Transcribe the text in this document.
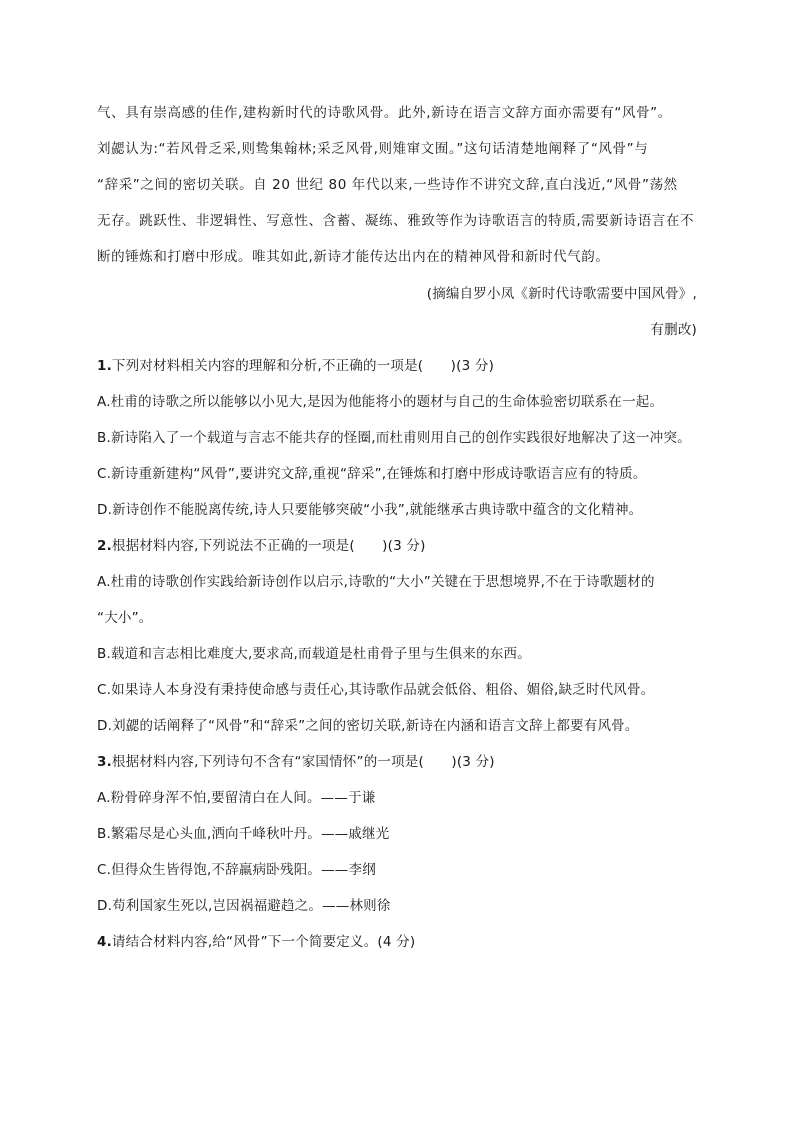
气、具有崇高感的佳作,建构新时代的诗歌风骨。此外,新诗在语言文辞方面亦需要有“风骨”。
刘勰认为:“若风骨乏采,则鸷集翰林;采乏风骨,则雉窜文囿。”这句话清楚地阐释了“风骨”与
“辞采”之间的密切关联。自 20 世纪 80 年代以来,一些诗作不讲究文辞,直白浅近,“风骨”荡然
无存。跳跃性、非逻辑性、写意性、含蓄、凝练、雅致等作为诗歌语言的特质,需要新诗语言在不
断的锤炼和打磨中形成。唯其如此,新诗才能传达出内在的精神风骨和新时代气韵。
(摘编自罗小凤《新时代诗歌需要中国风骨》,
有删改)
1.下列对材料相关内容的理解和分析,不正确的一项是(　　)(3 分)
A.杜甫的诗歌之所以能够以小见大,是因为他能将小的题材与自己的生命体验密切联系在一起。
B.新诗陷入了一个载道与言志不能共存的怪圈,而杜甫则用自己的创作实践很好地解决了这一冲突。
C.新诗重新建构“风骨”,要讲究文辞,重视“辞采”,在锤炼和打磨中形成诗歌语言应有的特质。
D.新诗创作不能脱离传统,诗人只要能够突破“小我”,就能继承古典诗歌中蕴含的文化精神。
2.根据材料内容,下列说法不正确的一项是(　　)(3 分)
A.杜甫的诗歌创作实践给新诗创作以启示,诗歌的“大小”关键在于思想境界,不在于诗歌题材的
“大小”。
B.载道和言志相比难度大,要求高,而载道是杜甫骨子里与生俱来的东西。
C.如果诗人本身没有秉持使命感与责任心,其诗歌作品就会低俗、粗俗、媚俗,缺乏时代风骨。
D.刘勰的话阐释了“风骨”和“辞采”之间的密切关联,新诗在内涵和语言文辞上都要有风骨。
3.根据材料内容,下列诗句不含有“家国情怀”的一项是(　　)(3 分)
A.粉骨碎身浑不怕,要留清白在人间。——于谦
B.繁霜尽是心头血,洒向千峰秋叶丹。——戚继光
C.但得众生皆得饱,不辞羸病卧残阳。——李纲
D.苟利国家生死以,岂因祸福避趋之。——林则徐
4.请结合材料内容,给“风骨”下一个简要定义。(4 分)
